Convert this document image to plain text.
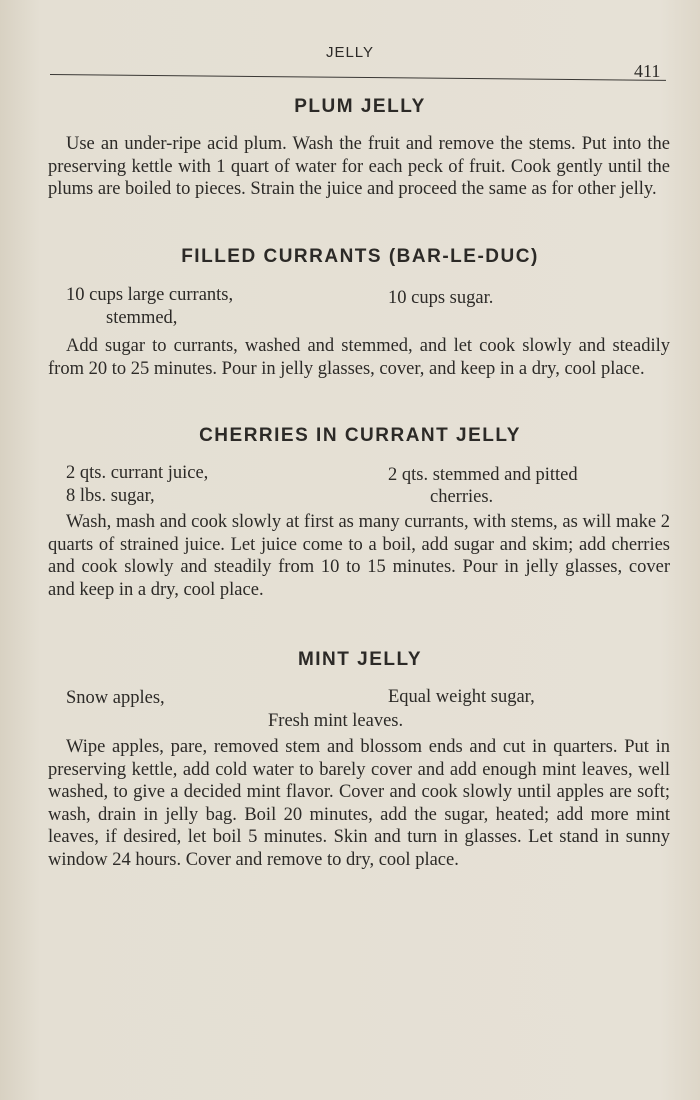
JELLY
411
PLUM JELLY

Use an under-ripe acid plum. Wash the fruit and remove the stems. Put into the preserving kettle with 1 quart of water for each peck of fruit. Cook gently until the plums are boiled to pieces. Strain the juice and proceed the same as for other jelly.

FILLED CURRANTS (BAR-LE-DUC)
10 cups large currants,
stemmed,
10 cups sugar.

Add sugar to currants, washed and stemmed, and let cook slowly and steadily from 20 to 25 minutes. Pour in jelly glasses, cover, and keep in a dry, cool place.

CHERRIES IN CURRANT JELLY
2 qts. currant juice,
8 lbs. sugar,
2 qts. stemmed and pitted
cherries.

Wash, mash and cook slowly at first as many currants, with stems, as will make 2 quarts of strained juice. Let juice come to a boil, add sugar and skim; add cherries and cook slowly and steadily from 10 to 15 minutes. Pour in jelly glasses, cover and keep in a dry, cool place.

MINT JELLY
Snow apples,	Equal weight sugar,
Fresh mint leaves.

Wipe apples, pare, removed stem and blossom ends and cut in quarters. Put in preserving kettle, add cold water to barely cover and add enough mint leaves, well washed, to give a decided mint flavor. Cover and cook slowly until apples are soft; wash, drain in jelly bag. Boil 20 minutes, add the sugar, heated; add more mint leaves, if desired, let boil 5 minutes. Skin and turn in glasses. Let stand in sunny window 24 hours. Cover and remove to dry, cool place.
